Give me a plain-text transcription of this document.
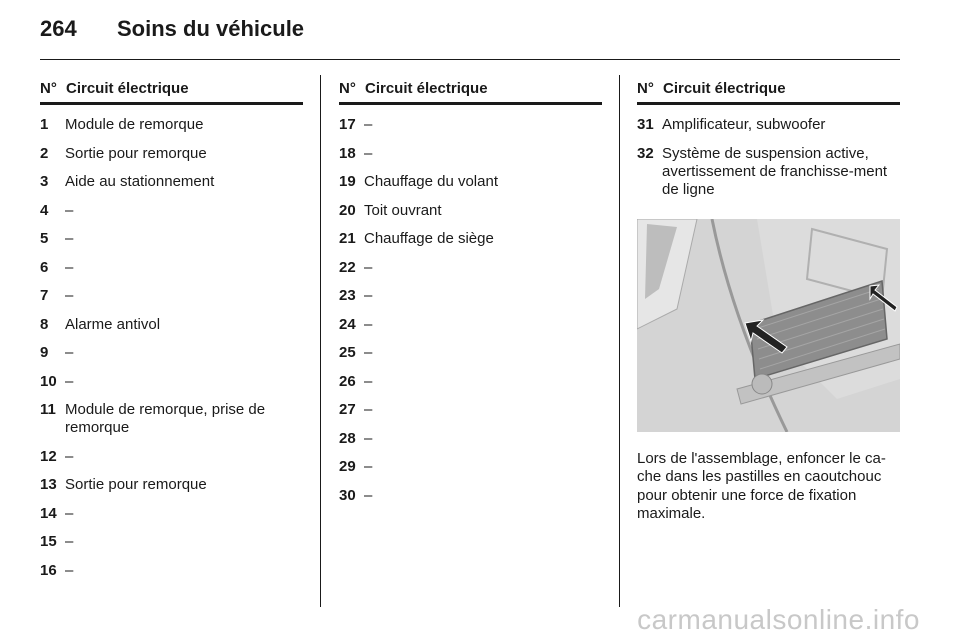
264	Soins du véhicule
N° Circuit électrique
1	Module de remorque
2	Sortie pour remorque
3	Aide au stationnement
4	–
5	–
6	–
7	–
8	Alarme antivol
9	–
10 –
11 Module de remorque, prise de remorque
12 –
13 Sortie pour remorque
14 –
15 –
16 –
N° Circuit électrique
17 –
18 –
19 Chauffage du volant
20 Toit ouvrant
21 Chauffage de siège
22 –
23 –
24 –
25 –
26 –
27 –
28 –
29 –
30 –
N° Circuit électrique
31 Amplificateur, subwoofer
32 Système de suspension active, avertissement de franchisse-ment de ligne
Lors de l'assemblage, enfoncer le ca-che dans les pastilles en caoutchouc pour obtenir une force de fixation maximale.
carmanualsonline.info
